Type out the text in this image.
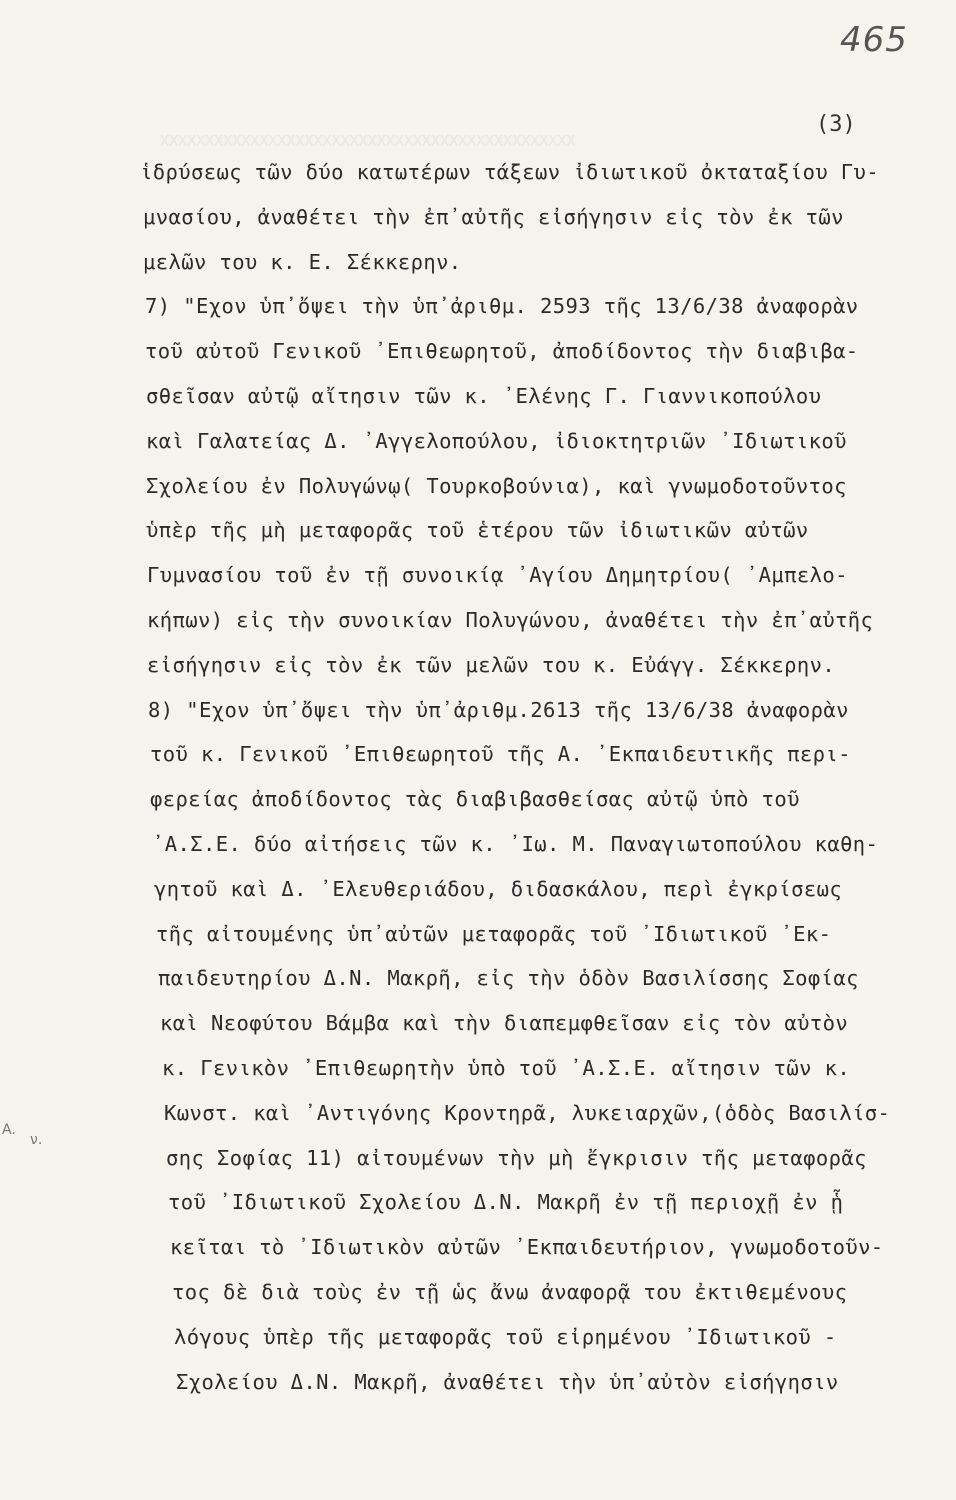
ΧΧΧΧΧΧΧΧΧΧΧΧΧΧΧΧΧΧΧΧΧΧΧΧΧΧΧΧΧΧΧΧΧΧΧΧΧΧΧΧΧΧΧΧΧΧ
465
(3)
A.
ν.
ἱδρύσεως τῶν δύο κατωτέρων τάξεων ἰδιωτικοῦ ὀκταταξίου Γυ-
μνασίου, ἀναθέτει τὴν ἐπ᾽αὐτῆς εἰσήγησιν εἰς τὸν ἐκ τῶν
μελῶν του κ. Ε. Σέκκερην.
7) "Εχον ὑπ᾽ὄψει τὴν ὑπ᾽ἀριθμ. 2593 τῆς 13/6/38 ἀναφορὰν
τοῦ αὐτοῦ Γενικοῦ ᾽Επιθεωρητοῦ, ἀποδίδοντος τὴν διαβιβα-
σθεῖσαν αὐτῷ αἴτησιν τῶν κ. ᾽Ελένης Γ. Γιαννικοπούλου
καὶ Γαλατείας Δ. ᾽Αγγελοπούλου, ἰδιοκτητριῶν ᾽Ιδιωτικοῦ
Σχολείου ἐν Πολυγώνῳ( Τουρκοβούνια), καὶ γνωμοδοτοῦντος
ὑπὲρ τῆς μὴ μεταφορᾶς τοῦ ἑτέρου τῶν ἰδιωτικῶν αὐτῶν
Γυμνασίου τοῦ ἐν τῇ συνοικίᾳ ᾽Αγίου Δημητρίου( ᾽Αμπελο-
κήπων) εἰς τὴν συνοικίαν Πολυγώνου, ἀναθέτει τὴν ἐπ᾽αὐτῆς
εἰσήγησιν εἰς τὸν ἐκ τῶν μελῶν του κ. Εὐάγγ. Σέκκερην.
8) "Εχον ὑπ᾽ὄψει τὴν ὑπ᾽ἀριθμ.2613 τῆς 13/6/38 ἀναφορὰν
τοῦ κ. Γενικοῦ ᾽Επιθεωρητοῦ τῆς Α. ᾽Εκπαιδευτικῆς περι-
φερείας ἀποδίδοντος τὰς διαβιβασθείσας αὐτῷ ὑπὸ τοῦ
᾽Α.Σ.Ε. δύο αἰτήσεις τῶν κ. ᾽Ιω. Μ. Παναγιωτοπούλου καθη-
γητοῦ καὶ Δ. ᾽Ελευθεριάδου, διδασκάλου, περὶ ἐγκρίσεως
τῆς αἰτουμένης ὑπ᾽αὐτῶν μεταφορᾶς τοῦ ᾽Ιδιωτικοῦ ᾽Εκ-
παιδευτηρίου Δ.Ν. Μακρῆ, εἰς τὴν ὁδὸν Βασιλίσσης Σοφίας
καὶ Νεοφύτου Βάμβα καὶ τὴν διαπεμφθεῖσαν εἰς τὸν αὐτὸν
κ. Γενικὸν ᾽Επιθεωρητὴν ὑπὸ τοῦ ᾽Α.Σ.Ε. αἴτησιν τῶν κ.
Κωνστ. καὶ ᾽Αντιγόνης Κροντηρᾶ, λυκειαρχῶν,(ὁδὸς Βασιλίσ-
σης Σοφίας 11) αἰτουμένων τὴν μὴ ἔγκρισιν τῆς μεταφορᾶς
τοῦ ᾽Ιδιωτικοῦ Σχολείου Δ.Ν. Μακρῆ ἐν τῇ περιοχῇ ἐν ᾗ
κεῖται τὸ ᾽Ιδιωτικὸν αὐτῶν ᾽Εκπαιδευτήριον, γνωμοδοτοῦν-
τος δὲ διὰ τοὺς ἐν τῇ ὡς ἄνω ἀναφορᾷ του ἐκτιθεμένους
λόγους ὑπὲρ τῆς μεταφορᾶς τοῦ εἰρημένου ᾽Ιδιωτικοῦ -
Σχολείου Δ.Ν. Μακρῆ, ἀναθέτει τὴν ὑπ᾽αὐτὸν εἰσήγησιν
